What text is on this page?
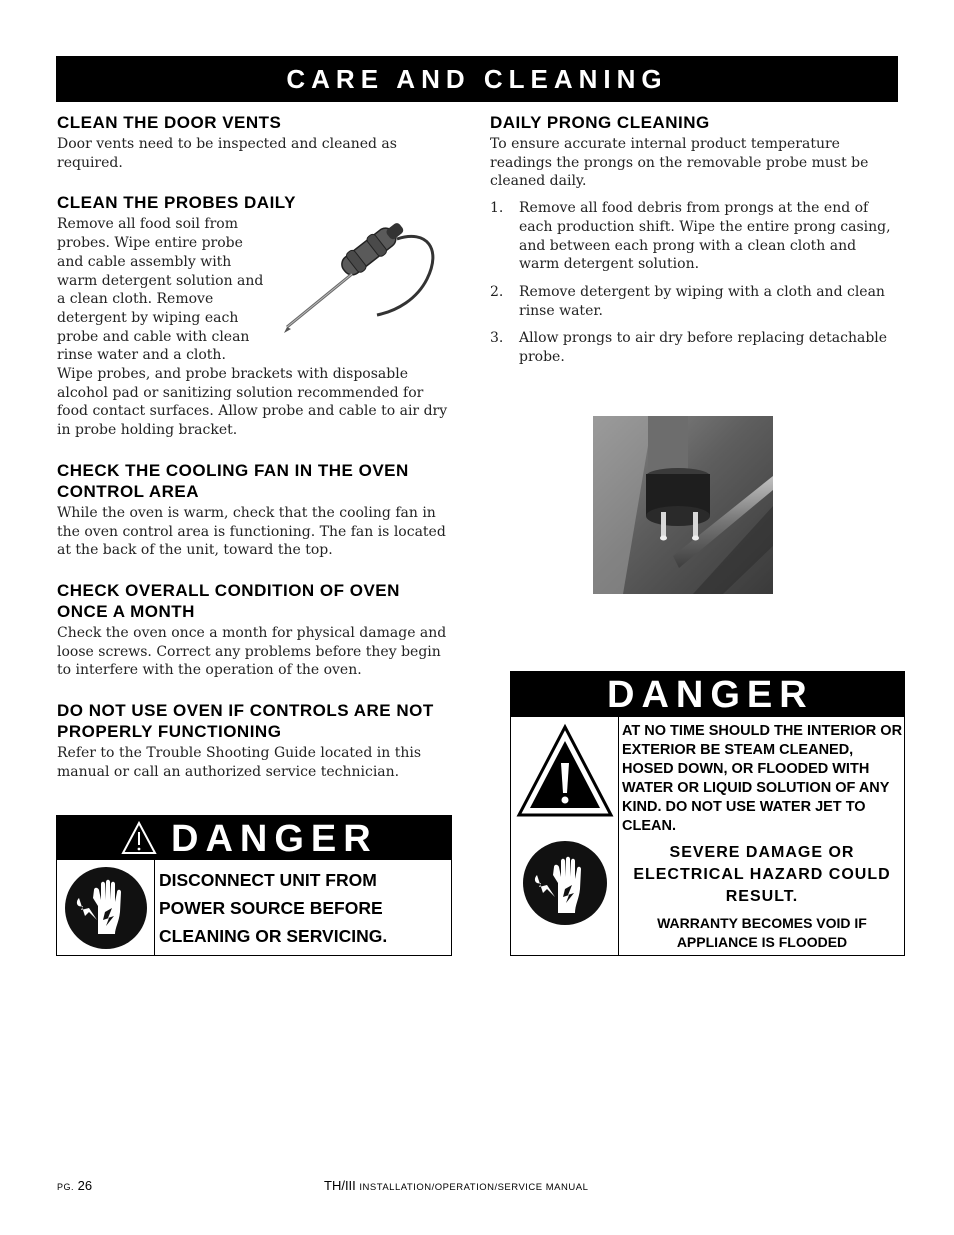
CARE AND CLEANING
CLEAN THE DOOR VENTS

Door vents need to be inspected and cleaned as required.

CLEAN THE PROBES DAILY

Remove all food soil from probes. Wipe entire probe and cable assembly with warm detergent solution and a clean cloth. Remove detergent by wiping each probe and cable with clean rinse water and a cloth.

Wipe probes, and probe brackets with disposable alcohol pad or sanitizing solution recommended for food contact surfaces. Allow probe and cable to air dry in probe holding bracket.

CHECK THE COOLING FAN IN THE OVEN CONTROL AREA

While the oven is warm, check that the cooling fan in the oven control area is functioning. The fan is located at the back of the unit, toward the top.

CHECK OVERALL CONDITION OF OVEN ONCE A MONTH

Check the oven once a month for physical damage and loose screws. Correct any problems before they begin to interfere with the operation of the oven.

DO NOT USE OVEN IF CONTROLS ARE NOT PROPERLY FUNCTIONING

Refer to the Trouble Shooting Guide located in this manual or call an authorized service technician.

DAILY PRONG CLEANING

To ensure accurate internal product temperature readings the prongs on the removable probe must be cleaned daily.

1. Remove all food debris from prongs at the end of each production shift. Wipe the entire prong casing, and between each prong with a clean cloth and warm detergent solution.
2. Remove detergent by wiping with a cloth and clean rinse water.
3. Allow prongs to air dry before replacing detachable probe.
DANGER
DISCONNECT UNIT FROM
POWER SOURCE BEFORE
CLEANING OR SERVICING.
DANGER
AT NO TIME SHOULD THE INTERIOR OR EXTERIOR BE STEAM CLEANED, HOSED DOWN, OR FLOODED WITH WATER OR LIQUID SOLUTION OF ANY KIND. DO NOT USE WATER JET TO CLEAN.
SEVERE DAMAGE OR ELECTRICAL HAZARD COULD RESULT.
WARRANTY BECOMES VOID IF APPLIANCE IS FLOODED
PG. 26	TH/III INSTALLATION/OPERATION/SERVICE MANUAL
